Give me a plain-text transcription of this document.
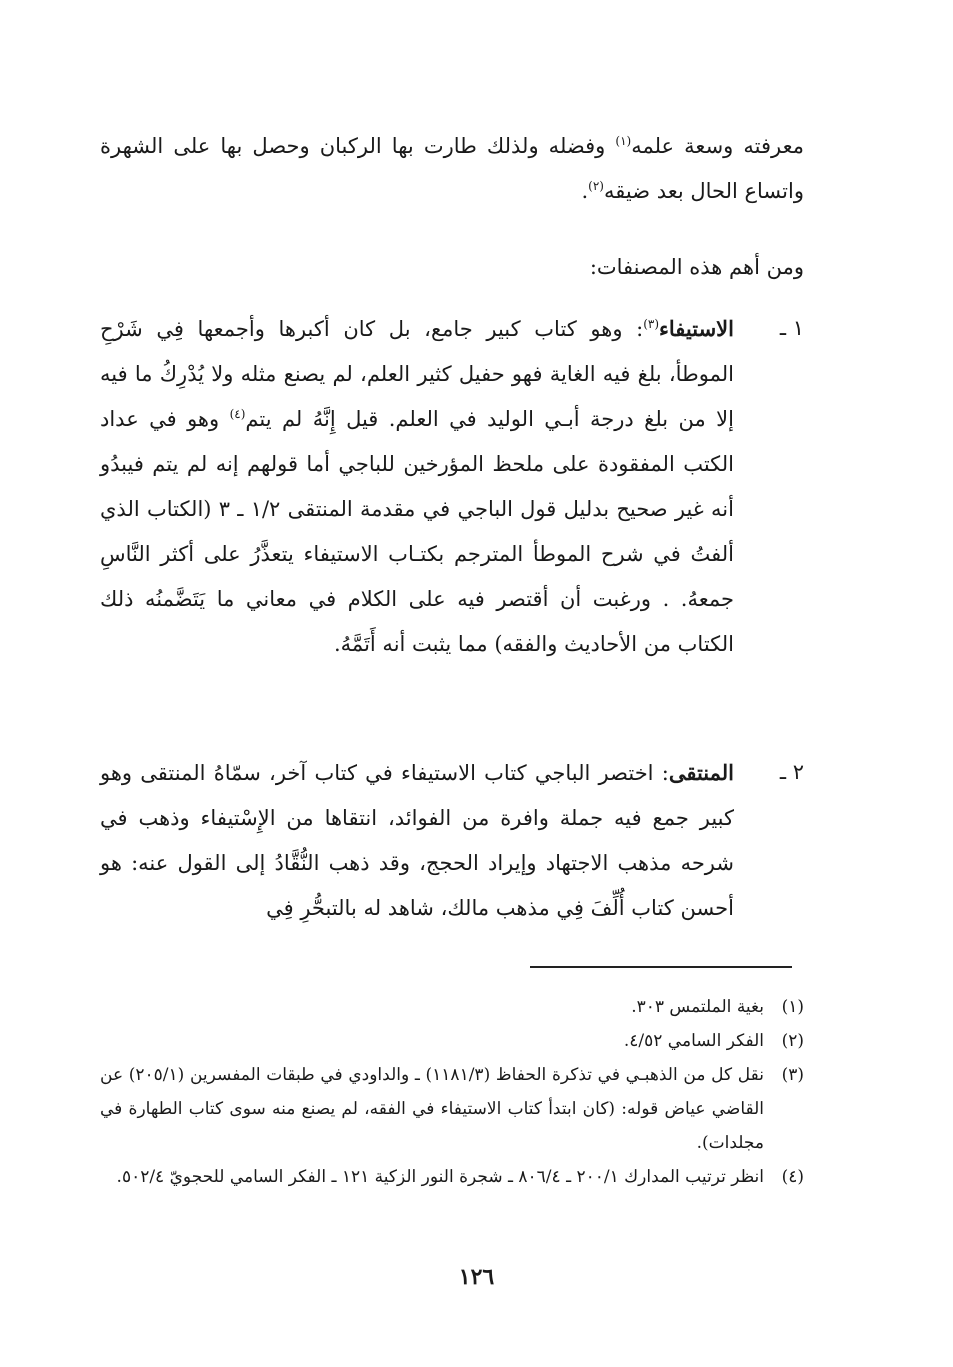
معرفته وسعة علمه$^{(١)}$ وفضله ولذلك طارت بها الركبان وحصل بها على الشهرة واتساع الحال بعد ضيقه$^{(٢)}$.

ومن أهم هذه المصنفات:

١ ـ
الاستيفاء$^{(٣)}$: وهو كتاب كبير جامع، بل كان أكبرها وأجمعها فِي شَرْحِ الموطأ، بلغ فيه الغاية فهو حفيل كثير العلم، لم يصنع مثله ولا يُدْرِكُ ما فيه إلا من بلغ درجة أبـي الوليد في العلم. قيل إِنَّهُ لم يتم$^{(٤)}$ وهو في عداد الكتب المفقودة على ملحظ المؤرخين للباجي أما قولهم إنه لم يتم فيبدُو أنه غير صحيح بدليل قول الباجي في مقدمة المنتقى ١/٢ ـ ٣ (الكتاب الذي ألفتُ في شرح الموطأ المترجم بكتـاب الاستيفاء يتعذَّرُ على أكثر النَّاسِ جمعهُ. . ورغبت أن أقتصر فيه على الكلام في معاني ما يَتَضَّمنُه ذلك الكتاب من الأحاديث والفقه) مما يثبت أنه أَتَمَّهُ.
٢ ـ
المنتقى: اختصر الباجي كتاب الاستيفاء في كتاب آخر، سمّاهُ المنتقى وهو كبير جمع فيه جملة وافرة من الفوائد، انتقاها من الإِسْتيفاء وذهب في شرحه مذهب الاجتهاد وإيراد الحجج، وقد ذهب النُّقَّادُ إلى القول عنه: هو أحسن كتاب أُلِّفَ فِي مذهب مالك، شاهد له بالتبحُّرِ فِي
(١)
بغية الملتمس ٣٠٣.
(٢)
الفكر السامي ٤/٥٢.
(٣)
نقل كل من الذهبـي في تذكرة الحفاظ (١١٨١/٣) ـ والداودي في طبقات المفسرين (٢٠٥/١) عن القاضي عياض قوله: (كان ابتدأ كتاب الاستيفاء في الفقه، لم يصنع منه سوى كتاب الطهارة في مجلدات).
(٤)
انظر ترتيب المدارك ٢٠٠/١ ـ ٨٠٦/٤ ـ شجرة النور الزكية ١٢١ ـ الفكر السامي للحجويّ ٥٠٢/٤.
١٢٦
